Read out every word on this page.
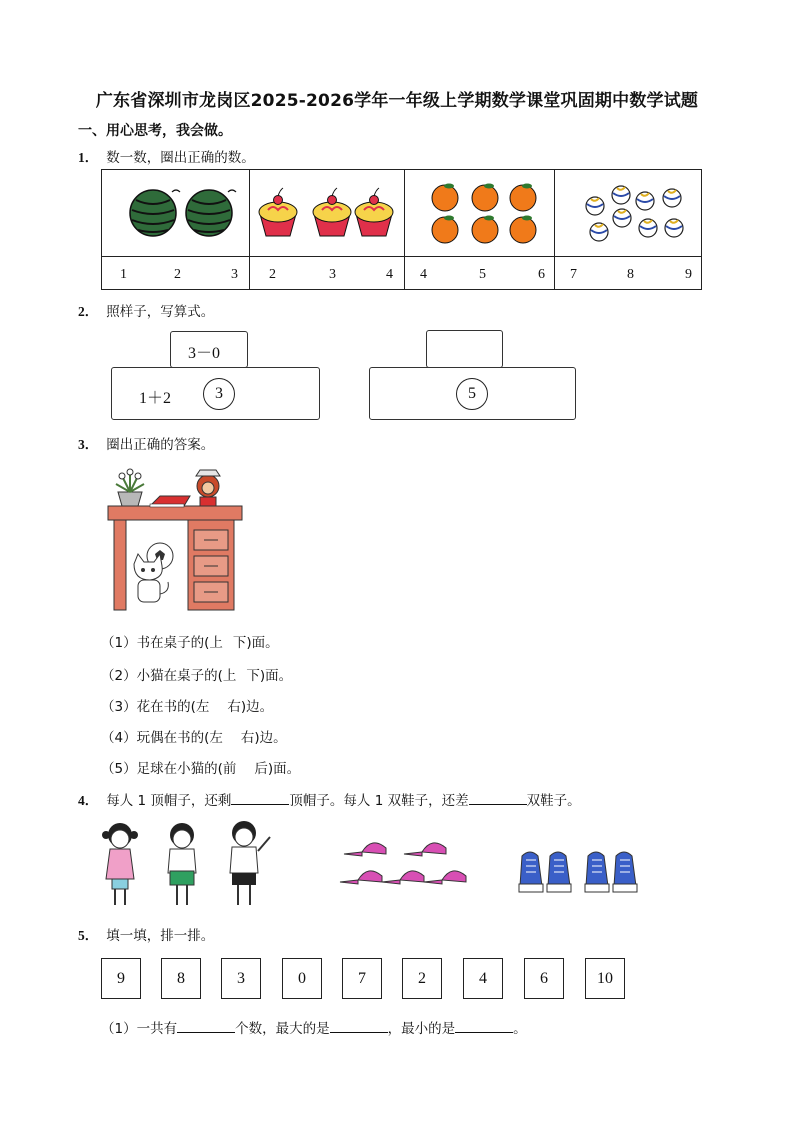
广东省深圳市龙岗区2025-2026学年一年级上学期数学课堂巩固期中数学试题
一、用心思考，我会做。
1． 数一数，圈出正确的数。
1	2	3 2	3	4 4	5	6 7	8	9
2． 照样子，写算式。
3－0
1＋2	3	5
3． 圈出正确的答案。
（1）书在桌子的(上 下)面。
（2）小猫在桌子的(上 下)面。
（3）花在书的(左 右)边。
（4）玩偶在书的(左 右)边。
（5）足球在小猫的(前 后)面。
4． 每人 1 顶帽子，还剩	顶帽子。每人 1 双鞋子，还差	双鞋子。
5． 填一填，排一排。
9	8	3	0	7	2	4	6	10
（1）一共有	个数，最大的是	，最小的是	。
